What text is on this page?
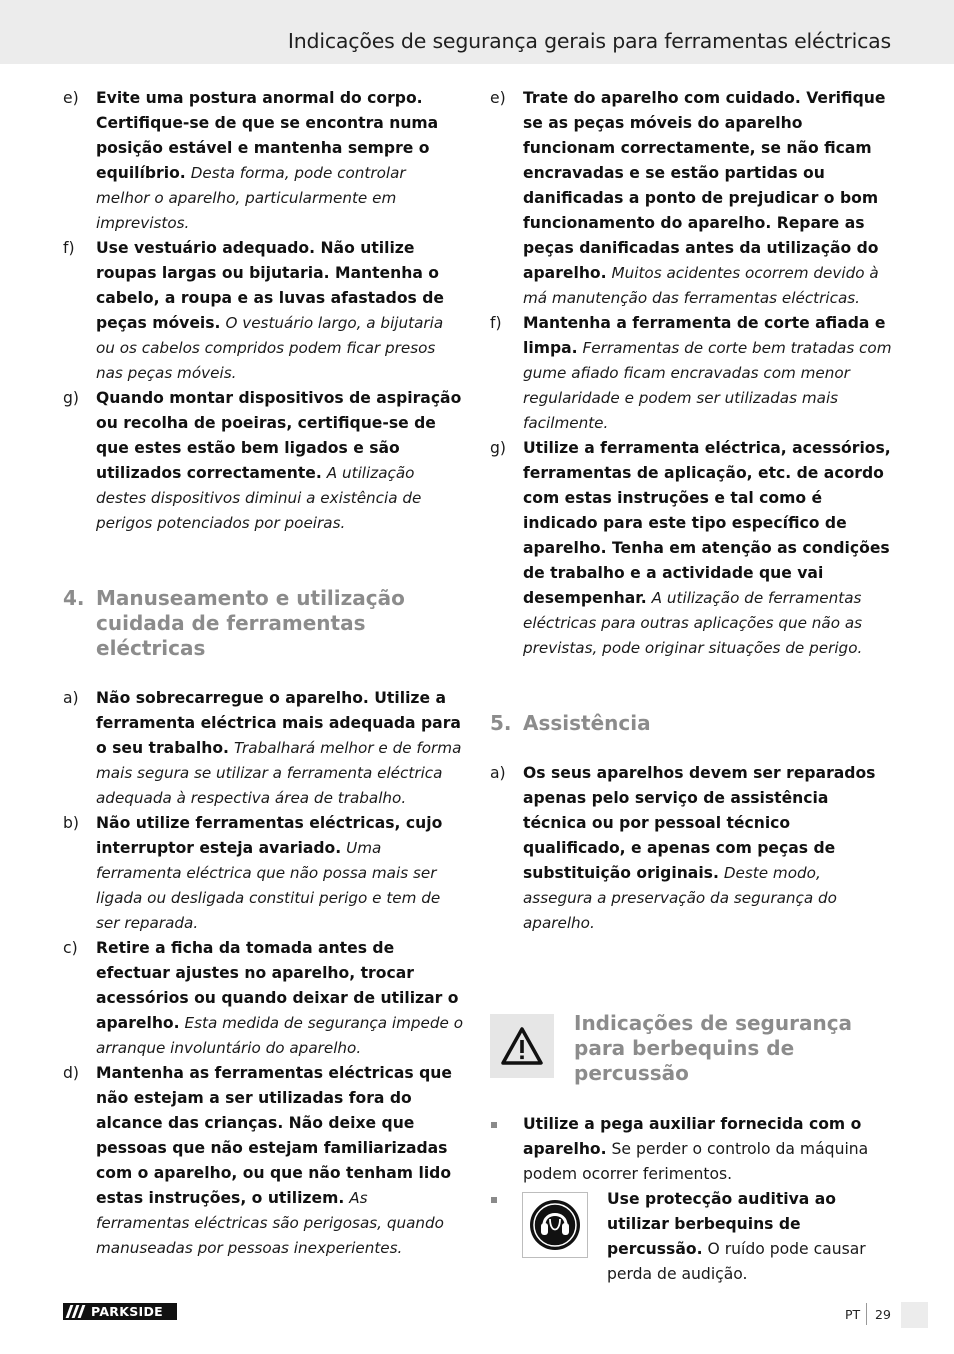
Indicações de segurança gerais para ferramentas eléctricas

e) Evite uma postura anormal do corpo. Certifique-se de que se encontra numa posição estável e mantenha sempre o equilíbrio. Desta forma, pode controlar melhor o aparelho, particularmente em imprevistos.

f) Use vestuário adequado. Não utilize roupas largas ou bijutaria. Mantenha o cabelo, a roupa e as luvas afastados de peças móveis. O vestuário largo, a bijutaria ou os cabelos compridos podem ficar presos nas peças móveis.

g) Quando montar dispositivos de aspiração ou recolha de poeiras, certifique-se de que estes estão bem ligados e são utilizados correctamente. A utilização destes dispositivos diminui a existência de perigos potenciados por poeiras.

4. Manuseamento e utilização cuidada de ferramentas eléctricas

a) Não sobrecarregue o aparelho. Utilize a ferramenta eléctrica mais adequada para o seu trabalho. Trabalhará melhor e de forma mais segura se utilizar a ferramenta eléctrica adequada à respectiva área de trabalho.

b) Não utilize ferramentas eléctricas, cujo interruptor esteja avariado. Uma ferramenta eléctrica que não possa mais ser ligada ou desligada constitui perigo e tem de ser reparada.

c) Retire a ficha da tomada antes de efectuar ajustes no aparelho, trocar acessórios ou quando deixar de utilizar o aparelho. Esta medida de segurança impede o arranque involuntário do aparelho.

d) Mantenha as ferramentas eléctricas que não estejam a ser utilizadas fora do alcance das crianças. Não deixe que pessoas que não estejam familiarizadas com o aparelho, ou que não tenham lido estas instruções, o utilizem. As ferramentas eléctricas são perigosas, quando manuseadas por pessoas inexperientes.

e) Trate do aparelho com cuidado. Verifique se as peças móveis do aparelho funcionam correctamente, se não ficam encravadas e se estão partidas ou danificadas a ponto de prejudicar o bom funcionamento do aparelho. Repare as peças danificadas antes da utilização do aparelho. Muitos acidentes ocorrem devido à má manutenção das ferramentas eléctricas.

f) Mantenha a ferramenta de corte afiada e limpa. Ferramentas de corte bem tratadas com gume afiado ficam encravadas com menor regularidade e podem ser utilizadas mais facilmente.

g) Utilize a ferramenta eléctrica, acessórios, ferramentas de aplicação, etc. de acordo com estas instruções e tal como é indicado para este tipo específico de aparelho. Tenha em atenção as condições de trabalho e a actividade que vai desempenhar. A utilização de ferramentas eléctricas para outras aplicações que não as previstas, pode originar situações de perigo.

5. Assistência

a) Os seus aparelhos devem ser reparados apenas pelo serviço de assistência técnica ou por pessoal técnico qualificado, e apenas com peças de substituição originais. Deste modo, assegura a preservação da segurança do aparelho.

Indicações de segurança para berbequins de percussão

Utilize a pega auxiliar fornecida com o aparelho. Se perder o controlo da máquina podem ocorrer ferimentos.

Use protecção auditiva ao utilizar berbequins de percussão. O ruído pode causar perda de audição.

PARKSIDE	PT 29
